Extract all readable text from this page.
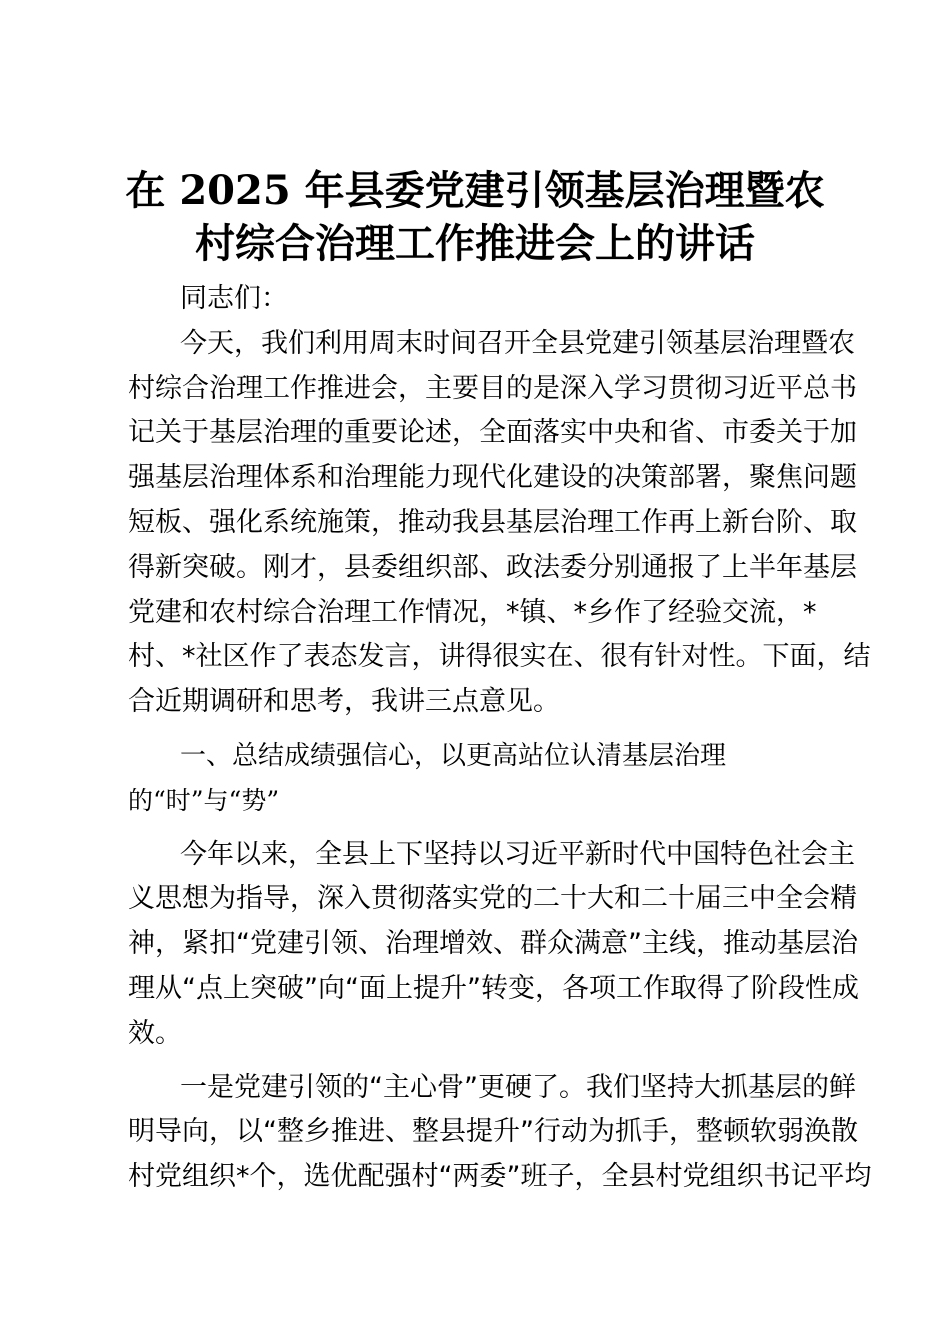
在 2025 年县委党建引领基层治理暨农
村综合治理工作推进会上的讲话

同志们：

今天，我们利用周末时间召开全县党建引领基层治理暨农
村综合治理工作推进会，主要目的是深入学习贯彻习近平总书
记关于基层治理的重要论述，全面落实中央和省、市委关于加
强基层治理体系和治理能力现代化建设的决策部署，聚焦问题
短板、强化系统施策，推动我县基层治理工作再上新台阶、取
得新突破。刚才，县委组织部、政法委分别通报了上半年基层
党建和农村综合治理工作情况，*镇、*乡作了经验交流，*
村、*社区作了表态发言，讲得很实在、很有针对性。下面，结
合近期调研和思考，我讲三点意见。

一、总结成绩强信心，以更高站位认清基层治理
的“时”与“势”

今年以来，全县上下坚持以习近平新时代中国特色社会主
义思想为指导，深入贯彻落实党的二十大和二十届三中全会精
神，紧扣“党建引领、治理增效、群众满意”主线，推动基层治
理从“点上突破”向“面上提升”转变，各项工作取得了阶段性成
效。

一是党建引领的“主心骨”更硬了。我们坚持大抓基层的鲜
明导向，以“整乡推进、整县提升”行动为抓手，整顿软弱涣散
村党组织*个，选优配强村“两委”班子，全县村党组织书记平均
